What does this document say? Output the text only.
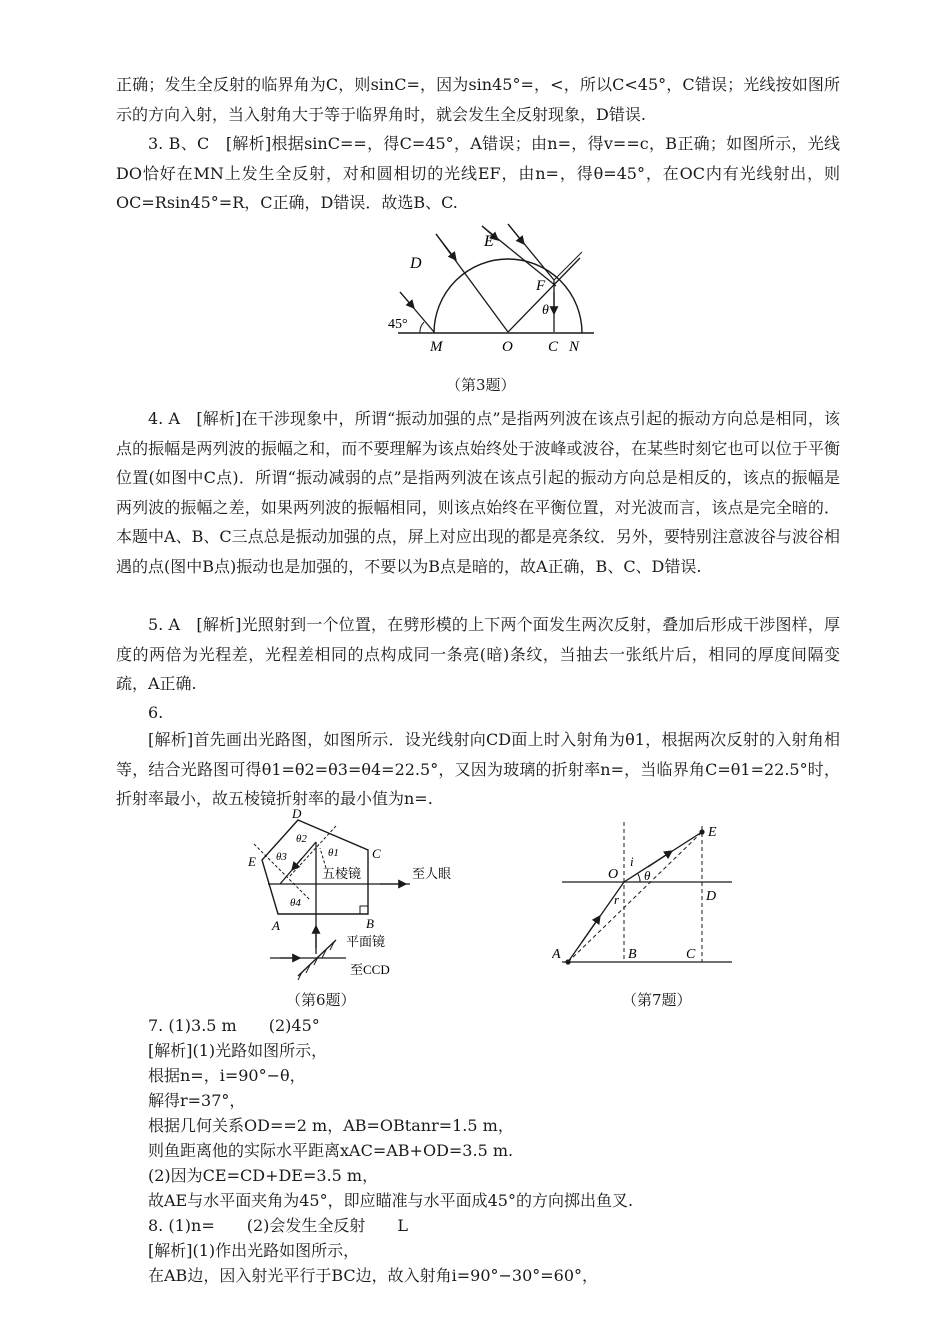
正确；发生全反射的临界角为C，则sinC=，因为sin45°=，<，所以C<45°，C错误；光线按如图所示的方向入射，当入射角大于等于临界角时，就会发生全反射现象，D错误.

3. B、C　[解析]根据sinC==，得C=45°，A错误；由n=，得v==c，B正确；如图所示，光线DO恰好在MN上发生全反射，对和圆相切的光线EF，由n=，得θ=45°，在OC内有光线射出，则OC=Rsin45°=R，C正确，D错误．故选B、C.

D
E
F
θ
45°
M	O C N
（第3题）

4. A　[解析]在干涉现象中，所谓“振动加强的点”是指两列波在该点引起的振动方向总是相同，该点的振幅是两列波的振幅之和，而不要理解为该点始终处于波峰或波谷，在某些时刻它也可以位于平衡位置(如图中C点)．所谓“振动减弱的点”是指两列波在该点引起的振动方向总是相反的，该点的振幅是两列波的振幅之差，如果两列波的振幅相同，则该点始终在平衡位置，对光波而言，该点是完全暗的．本题中A、B、C三点总是振动加强的点，屏上对应出现的都是亮条纹．另外，要特别注意波谷与波谷相遇的点(图中B点)振动也是加强的，不要以为B点是暗的，故A正确，B、C、D错误.

5. A　[解析]光照射到一个位置，在劈形模的上下两个面发生两次反射，叠加后形成干涉图样，厚度的两倍为光程差，光程差相同的点构成同一条亮(暗)条纹，当抽去一张纸片后，相同的厚度间隔变疏，A正确.

6.

[解析]首先画出光路图，如图所示．设光线射向CD面上时入射角为θ1，根据两次反射的入射角相等，结合光路图可得θ1=θ2=θ3=θ4=22.5°，又因为玻璃的折射率n=，当临界角C=θ1=22.5°时，折射率最小，故五棱镜折射率的最小值为n=.

D
C
E
A	B
θ2
θ1
θ3
θ4
五棱镜	至人眼
平面镜
至CCD
（第6题）
O
i
θ
r
E
D
A	B	C
（第7题）

7. (1)3.5 m　　(2)45°

[解析](1)光路如图所示，

根据n=，i=90°−θ，

解得r=37°，

根据几何关系OD==2 m，AB=OBtanr=1.5 m，

则鱼距离他的实际水平距离xAC=AB+OD=3.5 m.

(2)因为CE=CD+DE=3.5 m，

故AE与水平面夹角为45°，即应瞄准与水平面成45°的方向掷出鱼叉.

8. (1)n=　　(2)会发生全反射　　L

[解析](1)作出光路如图所示，

在AB边，因入射光平行于BC边，故入射角i=90°−30°=60°，
